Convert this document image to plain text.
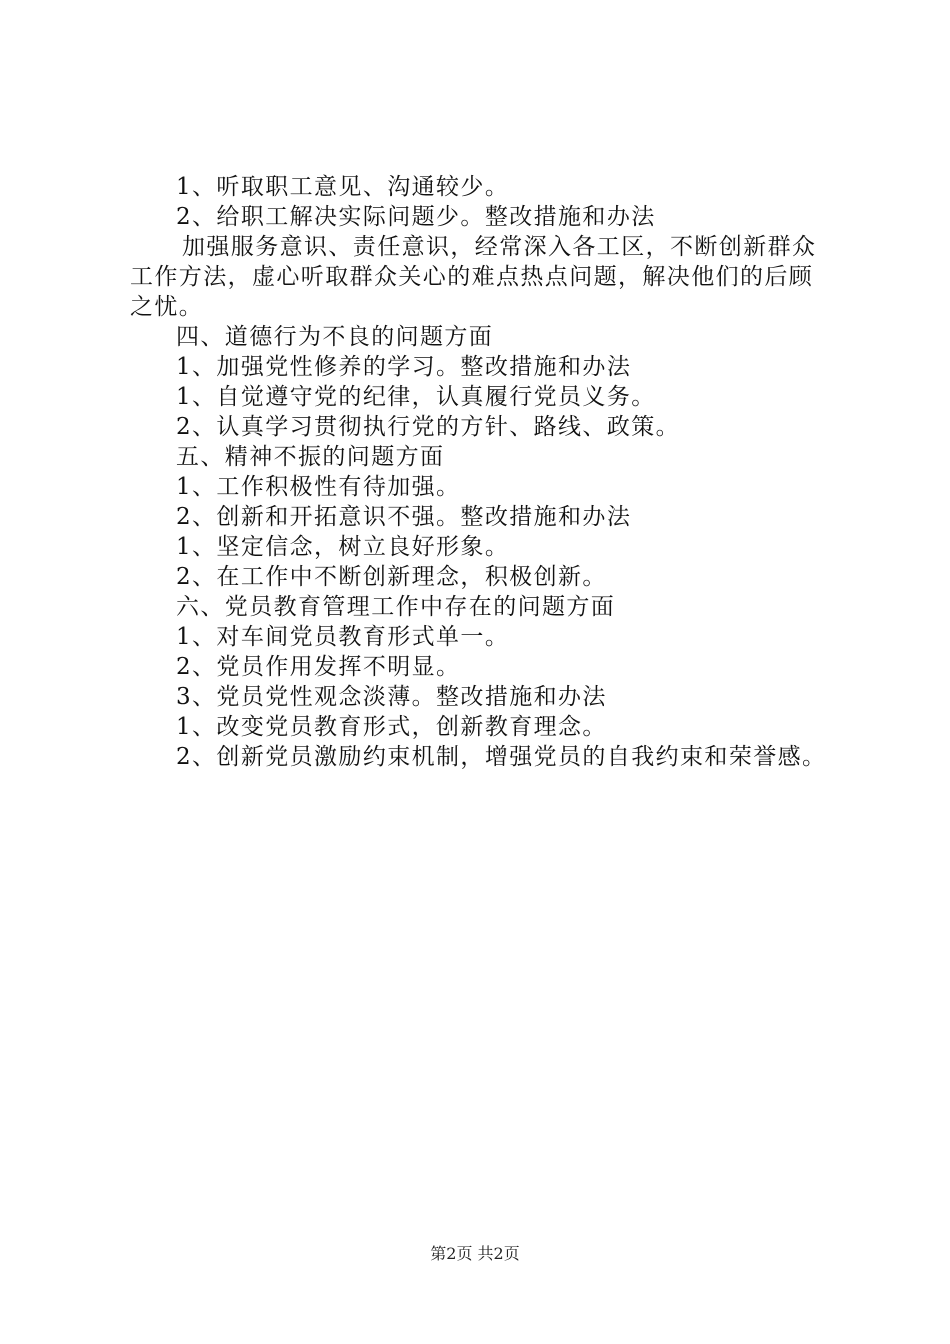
1、听取职工意见、沟通较少。
2、给职工解决实际问题少。整改措施和办法
加强服务意识、责任意识，经常深入各工区，不断创新群众工作方法，虚心听取群众关心的难点热点问题，解决他们的后顾之忧。
四、道德行为不良的问题方面
1、加强党性修养的学习。整改措施和办法
1、自觉遵守党的纪律，认真履行党员义务。
2、认真学习贯彻执行党的方针、路线、政策。
五、精神不振的问题方面
1、工作积极性有待加强。
2、创新和开拓意识不强。整改措施和办法
1、坚定信念，树立良好形象。
2、在工作中不断创新理念，积极创新。
六、党员教育管理工作中存在的问题方面
1、对车间党员教育形式单一。
2、党员作用发挥不明显。
3、党员党性观念淡薄。整改措施和办法
1、改变党员教育形式，创新教育理念。
2、创新党员激励约束机制，增强党员的自我约束和荣誉感。
第2页 共2页
